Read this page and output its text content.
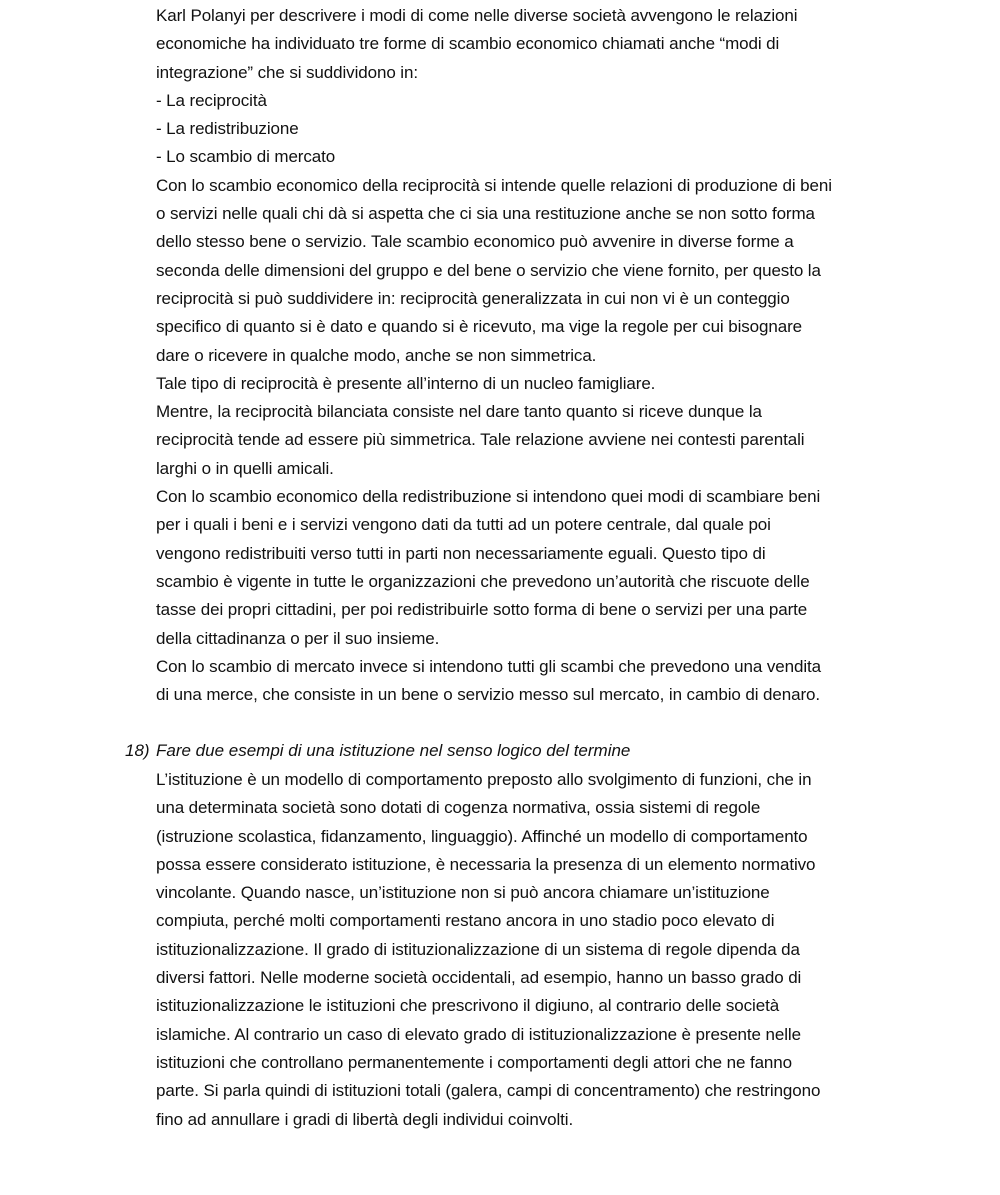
Karl Polanyi per descrivere i modi di come nelle diverse società avvengono le relazioni
economiche ha individuato tre forme di scambio economico chiamati anche “modi di
integrazione” che si suddividono in:
- La reciprocità
- La redistribuzione
- Lo scambio di mercato
Con lo scambio economico della reciprocità si intende quelle relazioni di produzione di beni
o servizi nelle quali chi dà si aspetta che ci sia una restituzione anche se non sotto forma
dello stesso bene o servizio. Tale scambio economico può avvenire in diverse forme a
seconda delle dimensioni del gruppo e del bene o servizio che viene fornito, per questo la
reciprocità si può suddividere in: reciprocità generalizzata in cui non vi è un conteggio
specifico di quanto si è dato e quando si è ricevuto, ma vige la regole per cui bisognare
dare o ricevere in qualche modo, anche se non simmetrica.
Tale tipo di reciprocità è presente all’interno di un nucleo famigliare.
Mentre, la reciprocità bilanciata consiste nel dare tanto quanto si riceve dunque la
reciprocità tende ad essere più simmetrica. Tale relazione avviene nei contesti parentali
larghi o in quelli amicali.
Con lo scambio economico della redistribuzione si intendono quei modi di scambiare beni
per i quali i beni e i servizi vengono dati da tutti ad un potere centrale, dal quale poi
vengono redistribuiti verso tutti in parti non necessariamente eguali. Questo tipo di
scambio è vigente in tutte le organizzazioni che prevedono un’autorità che riscuote delle
tasse dei propri cittadini, per poi redistribuirle sotto forma di bene o servizi per una parte
della cittadinanza o per il suo insieme.
Con lo scambio di mercato invece si intendono tutti gli scambi che prevedono una vendita
di una merce, che consiste in un bene o servizio messo sul mercato, in cambio di denaro.
18) Fare due esempi di una istituzione nel senso logico del termine
L’istituzione è un modello di comportamento preposto allo svolgimento di funzioni, che in
una determinata società sono dotati di cogenza normativa, ossia sistemi di regole
(istruzione scolastica, fidanzamento, linguaggio). Affinché un modello di comportamento
possa essere considerato istituzione, è necessaria la presenza di un elemento normativo
vincolante. Quando nasce, un’istituzione non si può ancora chiamare un’istituzione
compiuta, perché molti comportamenti restano ancora in uno stadio poco elevato di
istituzionalizzazione. Il grado di istituzionalizzazione di un sistema di regole dipenda da
diversi fattori. Nelle moderne società occidentali, ad esempio, hanno un basso grado di
istituzionalizzazione le istituzioni che prescrivono il digiuno, al contrario delle società
islamiche. Al contrario un caso di elevato grado di istituzionalizzazione è presente nelle
istituzioni che controllano permanentemente i comportamenti degli attori che ne fanno
parte. Si parla quindi di istituzioni totali (galera, campi di concentramento) che restringono
fino ad annullare i gradi di libertà degli individui coinvolti.
